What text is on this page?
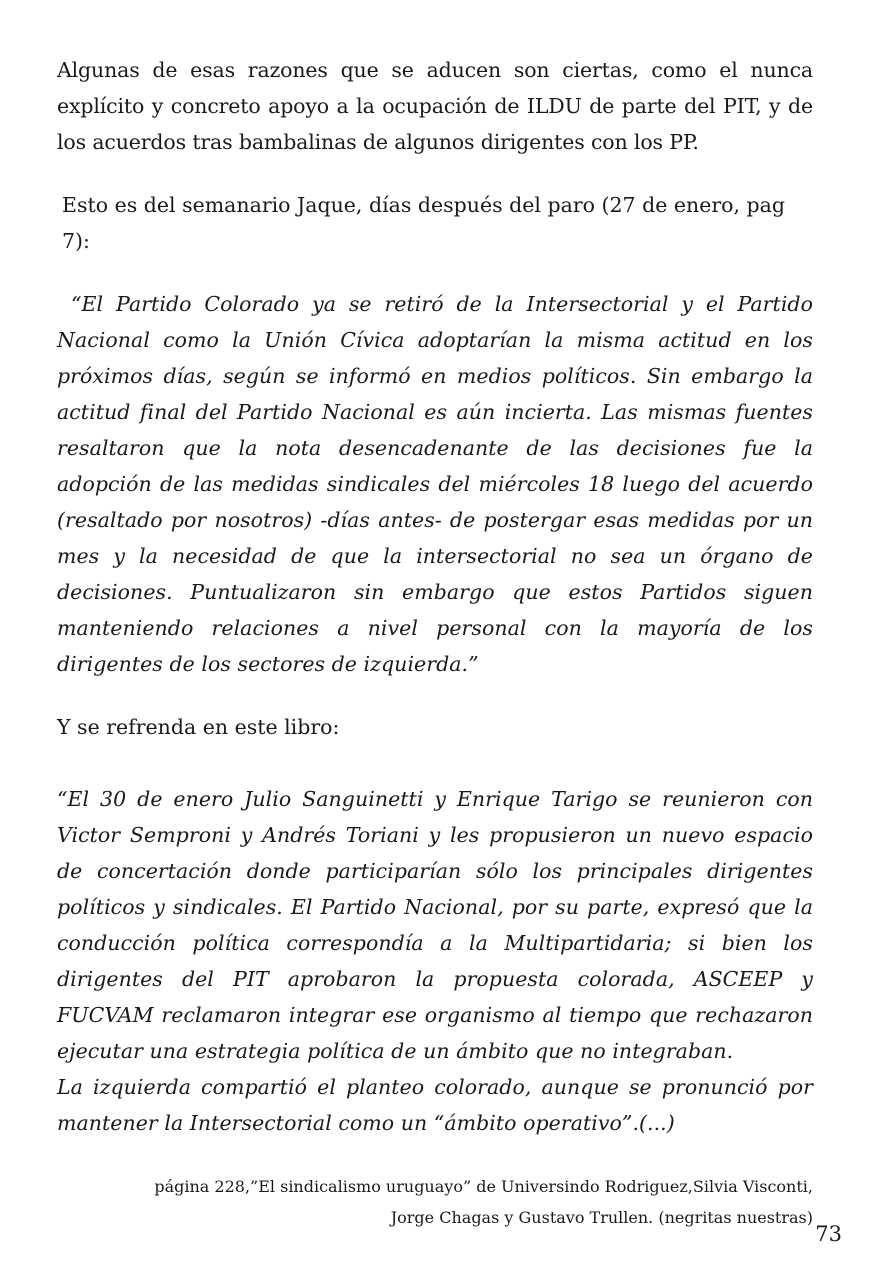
Algunas de esas razones que se aducen son ciertas, como el nunca explícito y concreto apoyo a la ocupación de ILDU de parte del PIT, y de los acuerdos tras bambalinas de algunos dirigentes con los PP.

Esto es del semanario Jaque, días después del paro (27 de enero, pag 7):

“El Partido Colorado ya se retiró de la Intersectorial y el Partido Nacional como la Unión Cívica adoptarían la misma actitud en los próximos días, según se informó en medios políticos. Sin embargo la actitud final del Partido Nacional es aún incierta. Las mismas fuentes resaltaron que la nota desencadenante de las decisiones fue la adopción de las medidas sindicales del miércoles 18 luego del acuerdo (resaltado por nosotros) -días antes- de postergar esas medidas por un mes y la necesidad de que la intersectorial no sea un órgano de decisiones. Puntualizaron sin embargo que estos Partidos siguen manteniendo relaciones a nivel personal con la mayoría de los dirigentes de los sectores de izquierda.”

Y se refrenda en este libro:

“El 30 de enero Julio Sanguinetti y Enrique Tarigo se reunieron con Victor Semproni y Andrés Toriani y les propusieron un nuevo espacio de concertación donde participarían sólo los principales dirigentes políticos y sindicales. El Partido Nacional, por su parte, expresó que la conducción política correspondía a la Multipartidaria; si bien los dirigentes del PIT aprobaron la propuesta colorada, ASCEEP y FUCVAM reclamaron integrar ese organismo al tiempo que rechazaron ejecutar una estrategia política de un ámbito que no integraban.

La izquierda compartió el planteo colorado, aunque se pronunció por mantener la Intersectorial como un “ámbito operativo”.(...)

página 228,”El sindicalismo uruguayo” de Universindo Rodriguez,Silvia Visconti,
Jorge Chagas y Gustavo Trullen. (negritas nuestras)
73
